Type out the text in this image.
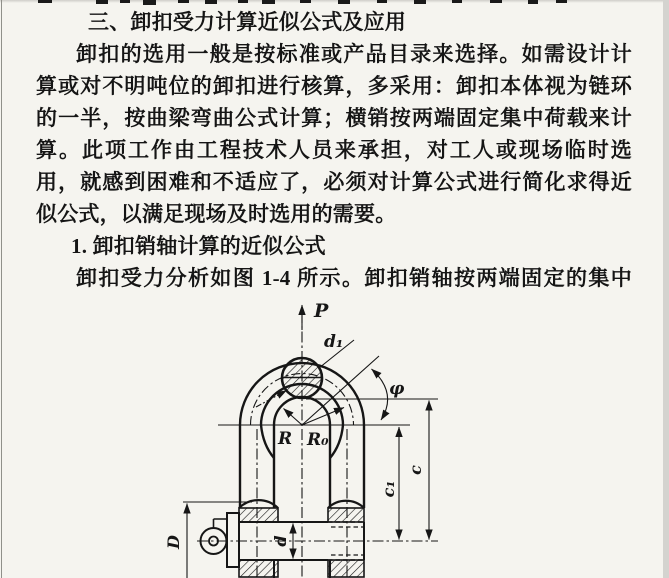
三、卸扣受力计算近似公式及应用
卸扣的选用一般是按标准或产品目录来选择。如需设计计
算或对不明吨位的卸扣进行核算，多采用：卸扣本体视为链环
的一半，按曲梁弯曲公式计算；横销按两端固定集中荷载来计
算。此项工作由工程技术人员来承担，对工人或现场临时选
用，就感到困难和不适应了，必须对计算公式进行简化求得近
似公式，以满足现场及时选用的需要。
1. 卸扣销轴计算的近似公式
卸扣受力分析如图 1-4 所示。卸扣销轴按两端固定的集中
P
d₁
φ
R R₀
c₁
c
d
D
